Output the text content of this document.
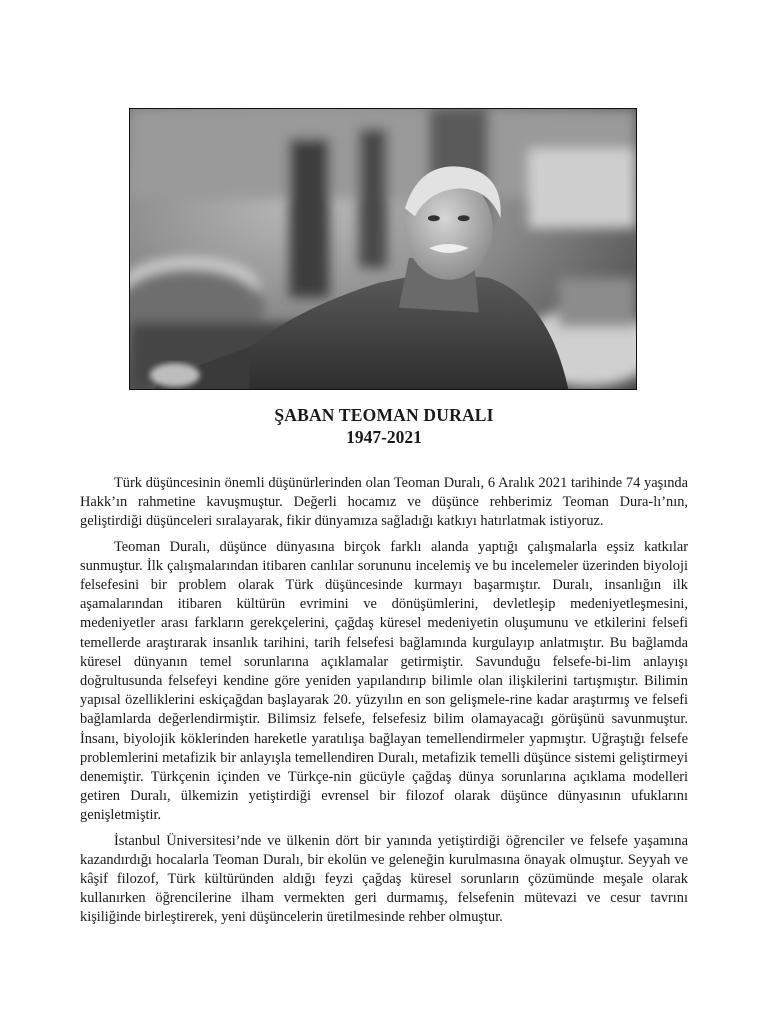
ŞABAN TEOMAN DURALI
1947-2021

Türk düşüncesinin önemli düşünürlerinden olan Teoman Duralı, 6 Aralık 2021 tarihinde 74 yaşında Hakk’ın rahmetine kavuşmuştur. Değerli hocamız ve düşünce rehberimiz Teoman Dura-lı’nın, geliştirdiği düşünceleri sıralayarak, fikir dünyamıza sağladığı katkıyı hatırlatmak istiyoruz.

Teoman Duralı, düşünce dünyasına birçok farklı alanda yaptığı çalışmalarla eşsiz katkılar sunmuştur. İlk çalışmalarından itibaren canlılar sorununu incelemiş ve bu incelemeler üzerinden biyoloji felsefesini bir problem olarak Türk düşüncesinde kurmayı başarmıştır. Duralı, insanlığın ilk aşamalarından itibaren kültürün evrimini ve dönüşümlerini, devletleşip medeniyetleşmesini, medeniyetler arası farkların gerekçelerini, çağdaş küresel medeniyetin oluşumunu ve etkilerini felsefi temellerde araştırarak insanlık tarihini, tarih felsefesi bağlamında kurgulayıp anlatmıştır. Bu bağlamda küresel dünyanın temel sorunlarına açıklamalar getirmiştir. Savunduğu felsefe-bi-lim anlayışı doğrultusunda felsefeyi kendine göre yeniden yapılandırıp bilimle olan ilişkilerini tartışmıştır. Bilimin yapısal özelliklerini eskiçağdan başlayarak 20. yüzyılın en son gelişmele-rine kadar araştırmış ve felsefi bağlamlarda değerlendirmiştir. Bilimsiz felsefe, felsefesiz bilim olamayacağı görüşünü savunmuştur. İnsanı, biyolojik köklerinden hareketle yaratılışa bağlayan temellendirmeler yapmıştır. Uğraştığı felsefe problemlerini metafizik bir anlayışla temellendiren Duralı, metafizik temelli düşünce sistemi geliştirmeyi denemiştir. Türkçenin içinden ve Türkçe-nin gücüyle çağdaş dünya sorunlarına açıklama modelleri getiren Duralı, ülkemizin yetiştirdiği evrensel bir filozof olarak düşünce dünyasının ufuklarını genişletmiştir.

İstanbul Üniversitesi’nde ve ülkenin dört bir yanında yetiştirdiği öğrenciler ve felsefe yaşamına kazandırdığı hocalarla Teoman Duralı, bir ekolün ve geleneğin kurulmasına önayak olmuştur. Seyyah ve kâşif filozof, Türk kültüründen aldığı feyzi çağdaş küresel sorunların çözümünde meşale olarak kullanırken öğrencilerine ilham vermekten geri durmamış, felsefenin mütevazi ve cesur tavrını kişiliğinde birleştirerek, yeni düşüncelerin üretilmesinde rehber olmuştur.
